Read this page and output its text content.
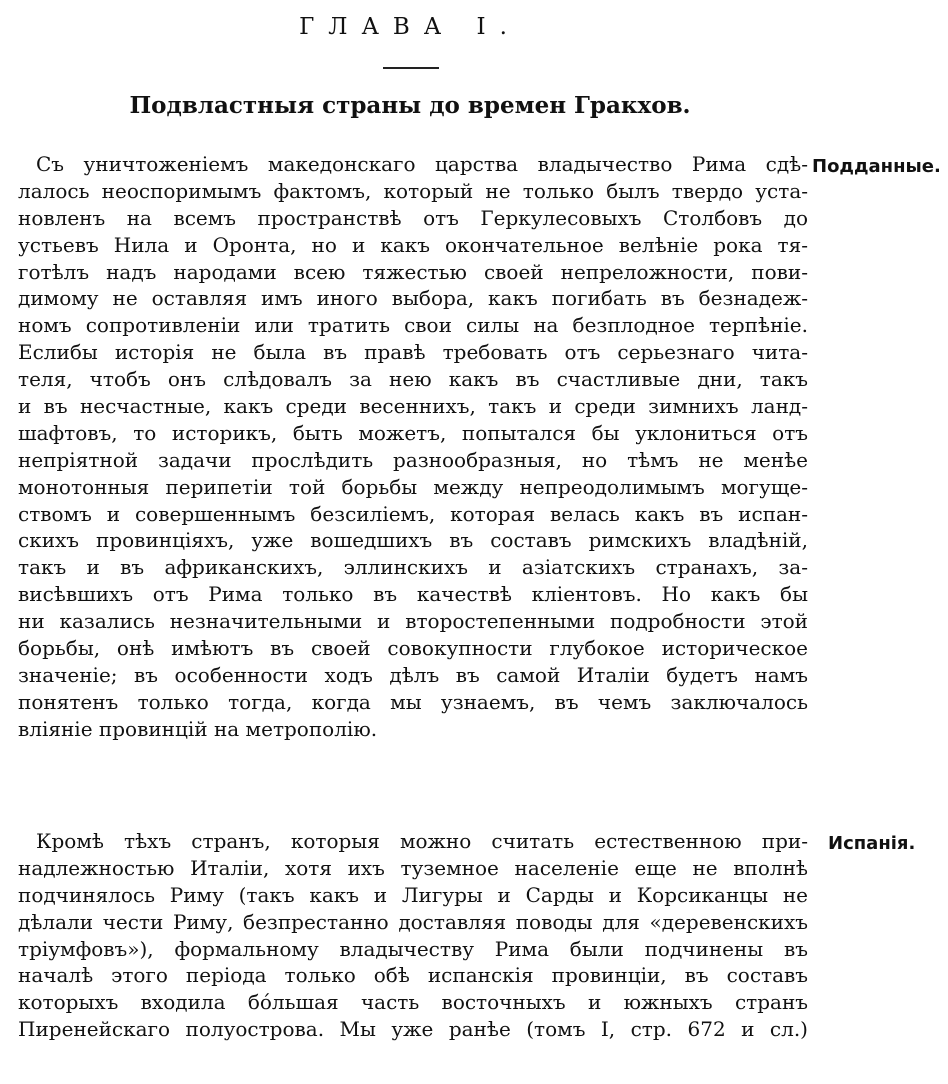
ГЛАВА I.
Подвластныя страны до времен Гракхов.
Подданные.
Испанія.
Съ уничтоженіемъ македонскаго царства владычество Рима сдѣ-
лалось неоспоримымъ фактомъ, который не только былъ твердо уста-
новленъ на всемъ пространствѣ отъ Геркулесовыхъ Столбовъ до
устьевъ Нила и Оронта, но и какъ окончательное велѣніе рока тя-
готѣлъ надъ народами всею тяжестью своей непреложности, пови-
димому не оставляя имъ иного выбора, какъ погибать въ безнадеж-
номъ сопротивленіи или тратить свои силы на безплодное терпѣніе.
Еслибы исторія не была въ правѣ требовать отъ серьезнаго чита-
теля, чтобъ онъ слѣдовалъ за нею какъ въ счастливые дни, такъ
и въ несчастные, какъ среди весеннихъ, такъ и среди зимнихъ ланд-
шафтовъ, то историкъ, быть можетъ, попытался бы уклониться отъ
непріятной задачи прослѣдить разнообразныя, но тѣмъ не менѣе
монотонныя перипетіи той борьбы между непреодолимымъ могуще-
ствомъ и совершеннымъ безсиліемъ, которая велась какъ въ испан-
скихъ провинціяхъ, уже вошедшихъ въ составъ римскихъ владѣній,
такъ и въ африканскихъ, эллинскихъ и азіатскихъ странахъ, за-
висѣвшихъ отъ Рима только въ качествѣ кліентовъ. Но какъ бы
ни казались незначительными и второстепенными подробности этой
борьбы, онѣ имѣютъ въ своей совокупности глубокое историческое
значеніе; въ особенности ходъ дѣлъ въ самой Италіи будетъ намъ
понятенъ только тогда, когда мы узнаемъ, въ чемъ заключалось
вліяніе провинцій на метрополію.
Кромѣ тѣхъ странъ, которыя можно считать естественною при-
надлежностью Италіи, хотя ихъ туземное населеніе еще не вполнѣ
подчинялось Риму (такъ какъ и Лигуры и Сарды и Корсиканцы не
дѣлали чести Риму, безпрестанно доставляя поводы для «деревенскихъ
тріумфовъ»), формальному владычеству Рима были подчинены въ
началѣ этого періода только обѣ испанскія провинціи, въ составъ
которыхъ входила бóльшая часть восточныхъ и южныхъ странъ
Пиренейскаго полуострова. Мы уже ранѣе (томъ I, стр. 672 и сл.)
